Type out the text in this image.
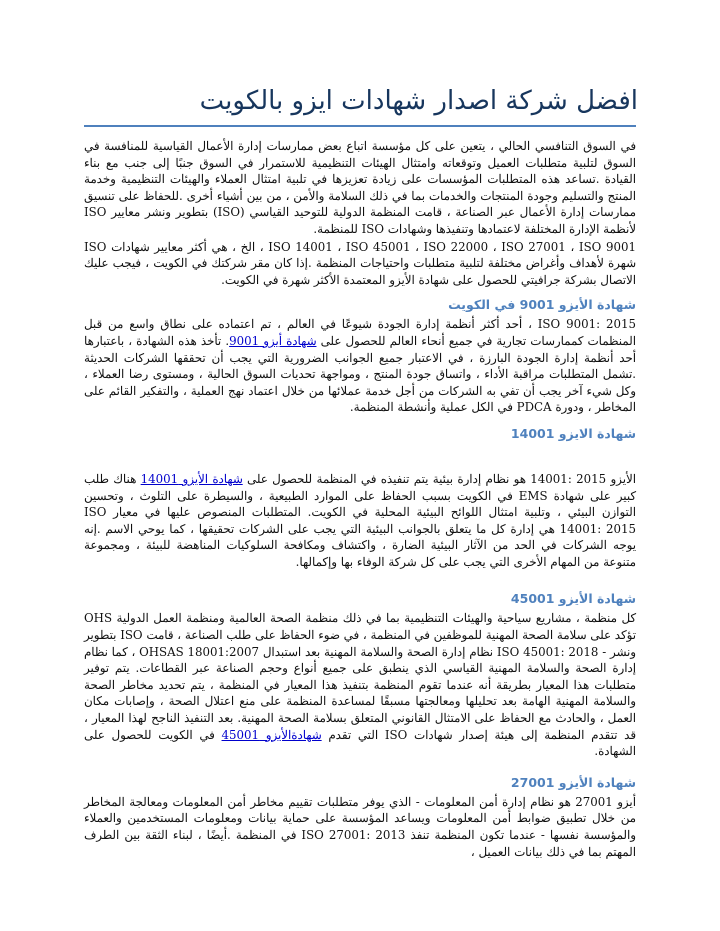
افضل شركة اصدار شهادات ايزو بالكويت

في السوق التنافسي الحالي ، يتعين على كل مؤسسة اتباع بعض ممارسات إدارة الأعمال القياسية للمنافسة في السوق لتلبية متطلبات العميل وتوقعاته وامتثال الهيئات التنظيمية للاستمرار في السوق جنبًا إلى جنب مع بناء القيادة .تساعد هذه المتطلبات المؤسسات على زيادة تعزيزها في تلبية امتثال العملاء والهيئات التنظيمية وخدمة المنتج والتسليم وجودة المنتجات والخدمات بما في ذلك السلامة والأمن ، من بين أشياء أخرى .للحفاظ على تنسيق ممارسات إدارة الأعمال عبر الصناعة ، قامت المنظمة الدولية للتوحيد القياسي (ISO) بتطوير ونشر معايير ISO لأنظمة الإدارة المختلفة لاعتمادها وتنفيذها وشهادات ISO للمنظمة.

ISO 14001 ، ISO 45001 ، ISO 22000 ، ISO 27001 ، ISO 9001 ، الخ ، هي أكثر معايير شهادات ISO شهرة لأهداف وأغراض مختلفة لتلبية متطلبات واحتياجات المنظمة .إذا كان مقر شركتك في الكويت ، فيجب عليك الاتصال بشركة جرافيتي للحصول على شهادة الأيزو المعتمدة الأكثر شهرة في الكويت.

شهادة الأيزو 9001 في الكويت

ISO 9001: 2015 ، أحد أكثر أنظمة إدارة الجودة شيوعًا في العالم ، تم اعتماده على نطاق واسع من قبل المنظمات كممارسات تجارية في جميع أنحاء العالم للحصول على شهادة أيزو 9001. تأخذ هذه الشهادة ، باعتبارها أحد أنظمة إدارة الجودة البارزة ، في الاعتبار جميع الجوانب الضرورية التي يجب أن تحققها الشركات الحديثة .تشمل المتطلبات مراقبة الأداء ، واتساق جودة المنتج ، ومواجهة تحديات السوق الحالية ، ومستوى رضا العملاء ، وكل شيء آخر يجب أن تفي به الشركات من أجل خدمة عملائها من خلال اعتماد نهج العملية ، والتفكير القائم على المخاطر ، ودورة PDCA في الكل عملية وأنشطة المنظمة.

شهادة الايزو 14001

الأيزو 2015 :14001 هو نظام إدارة بيئية يتم تنفيذه في المنظمة للحصول على شهادة الأيزو 14001 هناك طلب كبير على شهادة EMS في الكويت بسبب الحفاظ على الموارد الطبيعية ، والسيطرة على التلوث ، وتحسين التوازن البيئي ، وتلبية امتثال اللوائح البيئية المحلية في الكويت. المتطلبات المنصوص عليها في معيار ISO 14001: 2015 هي إدارة كل ما يتعلق بالجوانب البيئية التي يجب على الشركات تحقيقها ، كما يوحي الاسم .إنه يوجه الشركات في الحد من الآثار البيئية الضارة ، واكتشاف ومكافحة السلوكيات المناهضة للبيئة ، ومجموعة متنوعة من المهام الأخرى التي يجب على كل شركة الوفاء بها وإكمالها.

شهادة الأيزو 45001

كل منظمة ، مشاريع سياحية والهيئات التنظيمية بما في ذلك منظمة الصحة العالمية ومنظمة العمل الدولية OHS تؤكد على سلامة الصحة المهنية للموظفين في المنظمة ، في ضوء الحفاظ على طلب الصناعة ، قامت ISO بتطوير ونشر - ISO 45001: 2018 نظام إدارة الصحة والسلامة المهنية بعد استبدال OHSAS 18001:2007 ، كما نظام إدارة الصحة والسلامة المهنية القياسي الذي ينطبق على جميع أنواع وحجم الصناعة عبر القطاعات. يتم توفير متطلبات هذا المعيار بطريقة أنه عندما تقوم المنظمة بتنفيذ هذا المعيار في المنظمة ، يتم تحديد مخاطر الصحة والسلامة المهنية الهامة بعد تحليلها ومعالجتها مسبقًا لمساعدة المنظمة على منع اعتلال الصحة ، وإصابات مكان العمل ، والحادث مع الحفاظ على الامتثال القانوني المتعلق بسلامة الصحة المهنية. بعد التنفيذ الناجح لهذا المعيار ، قد تتقدم المنظمة إلى هيئة إصدار شهادات ISO التي تقدم شهادةالأيزو 45001 في الكويت للحصول على الشهادة.

شهادة الأيزو 27001

أيزو 27001 هو نظام إدارة أمن المعلومات - الذي يوفر متطلبات تقييم مخاطر أمن المعلومات ومعالجة المخاطر من خلال تطبيق ضوابط أمن المعلومات ويساعد المؤسسة على حماية بيانات ومعلومات المستخدمين والعملاء والمؤسسة نفسها - عندما تكون المنظمة تنفذ ISO 27001: 2013 في المنظمة .أيضًا ، لبناء الثقة بين الطرف المهتم بما في ذلك بيانات العميل ،
